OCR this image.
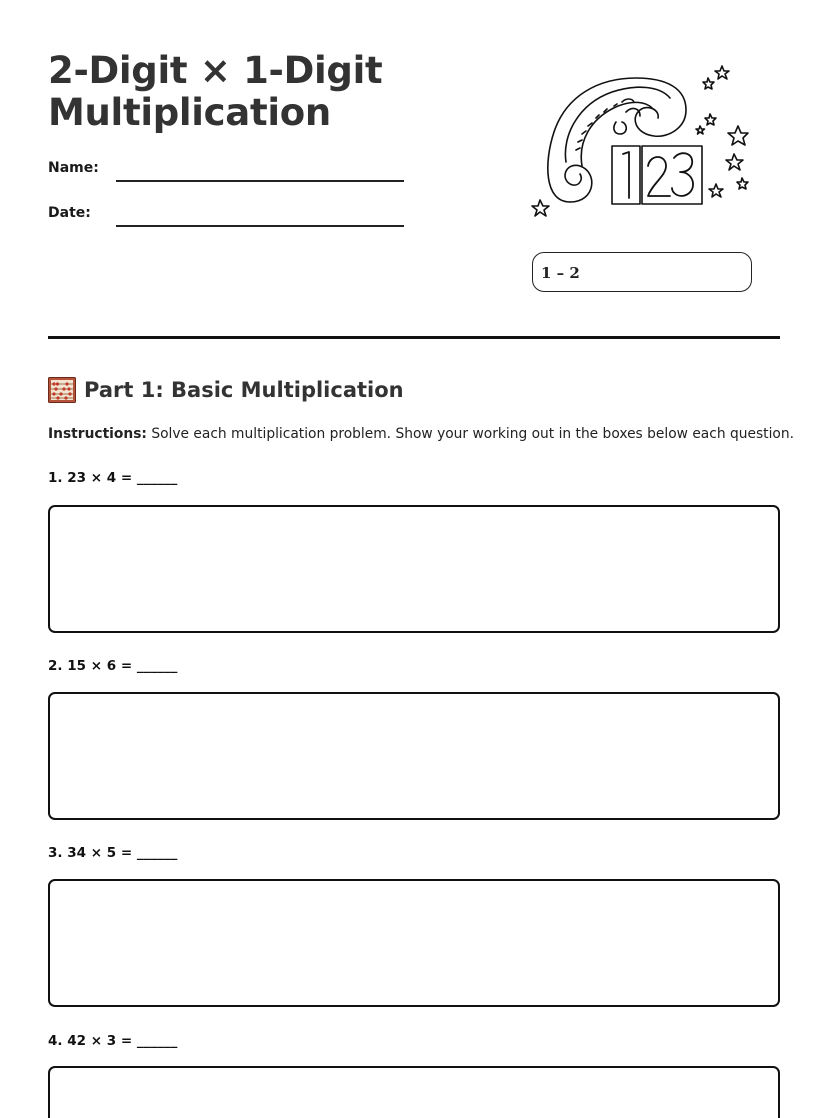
2-Digit × 1-Digit Multiplication
Name:
Date:
1 – 2
Part 1: Basic Multiplication
Instructions: Solve each multiplication problem. Show your working out in the boxes below each question.
1. 23 × 4 = ______
2. 15 × 6 = ______
3. 34 × 5 = ______
4. 42 × 3 = ______
